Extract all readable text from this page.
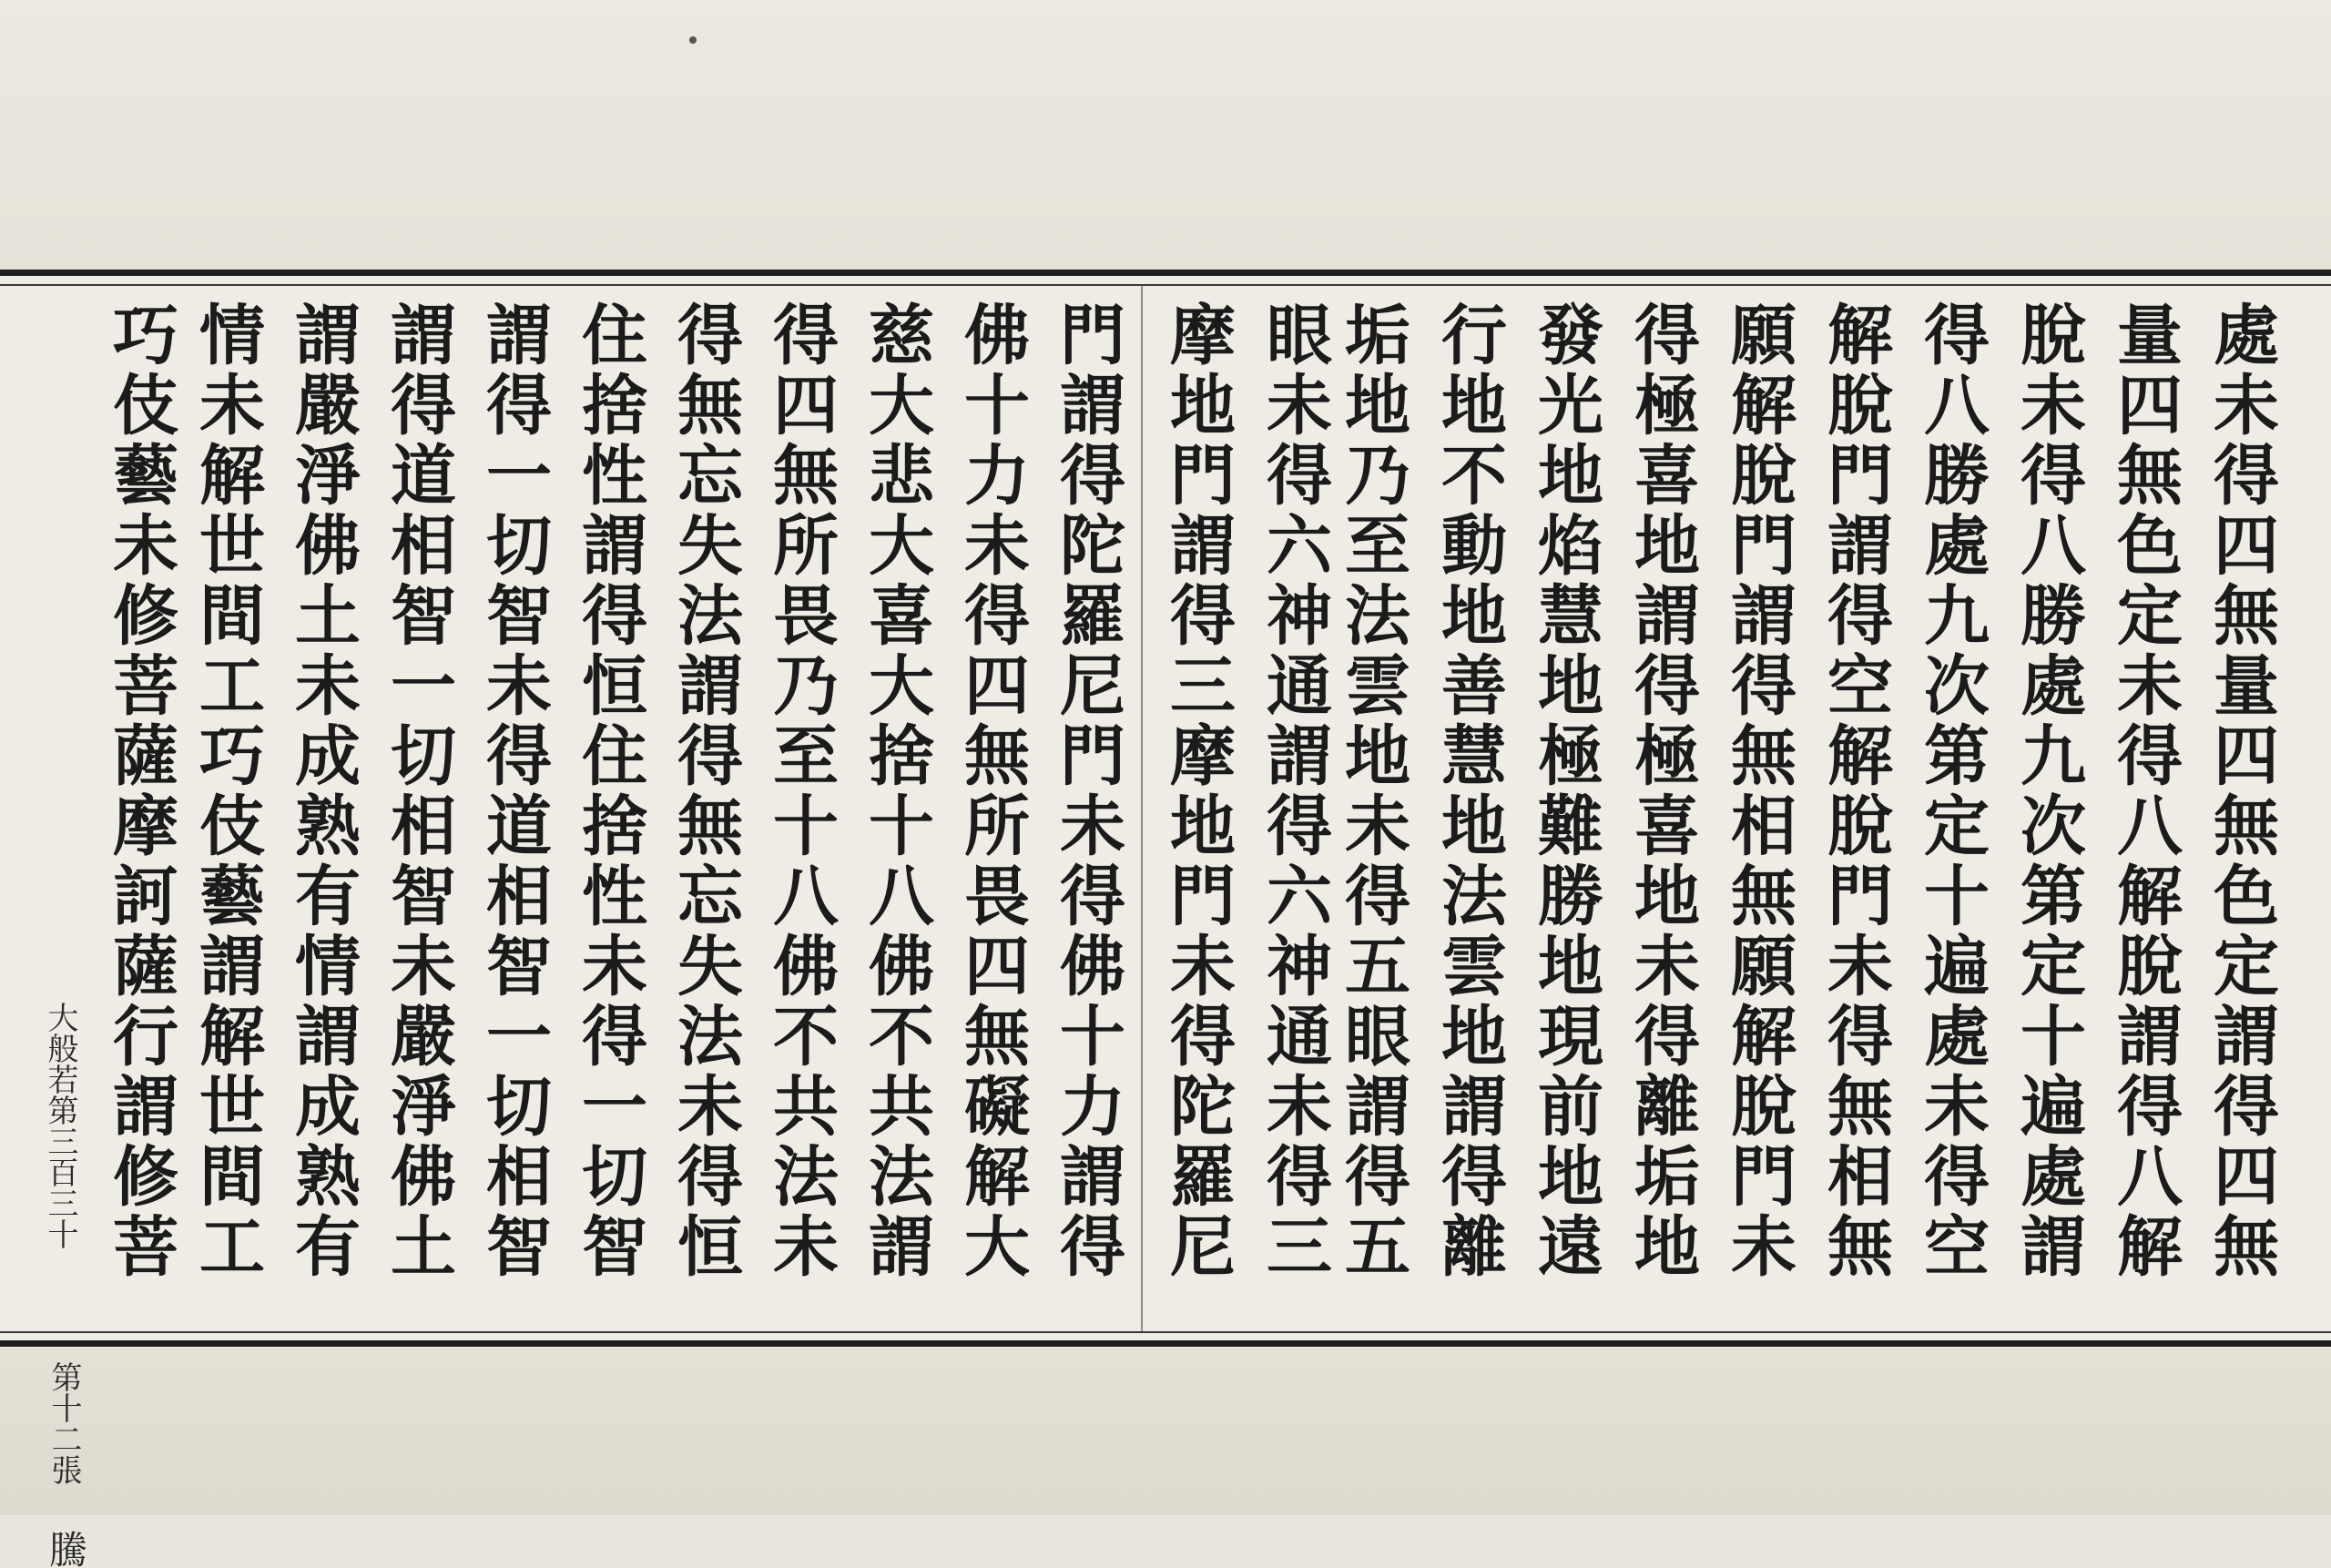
處未得四無量四無色定謂得四無

量四無色定未得八解脫謂得八解

脫未得八勝處九次第定十遍處謂

得八勝處九次第定十遍處未得空

解脫門謂得空解脫門未得無相無

願解脫門謂得無相無願解脫門未

得極喜地謂得極喜地未得離垢地

發光地焰慧地極難勝地現前地遠

行地不動地善慧地法雲地謂得離

垢地乃至法雲地未得五眼謂得五

眼未得六神通謂得六神通未得三

摩地門謂得三摩地門未得陀羅尼

門謂得陀羅尼門未得佛十力謂得

佛十力未得四無所畏四無礙解大

慈大悲大喜大捨十八佛不共法謂

得四無所畏乃至十八佛不共法未

得無忘失法謂得無忘失法未得恒

住捨性謂得恒住捨性未得一切智

謂得一切智未得道相智一切相智

謂得道相智一切相智未嚴淨佛土

謂嚴淨佛土未成熟有情謂成熟有

情未解世間工巧伎藝謂解世間工

巧伎藝未修菩薩摩訶薩行謂修菩

大般若第三百三十
第十二張
騰
